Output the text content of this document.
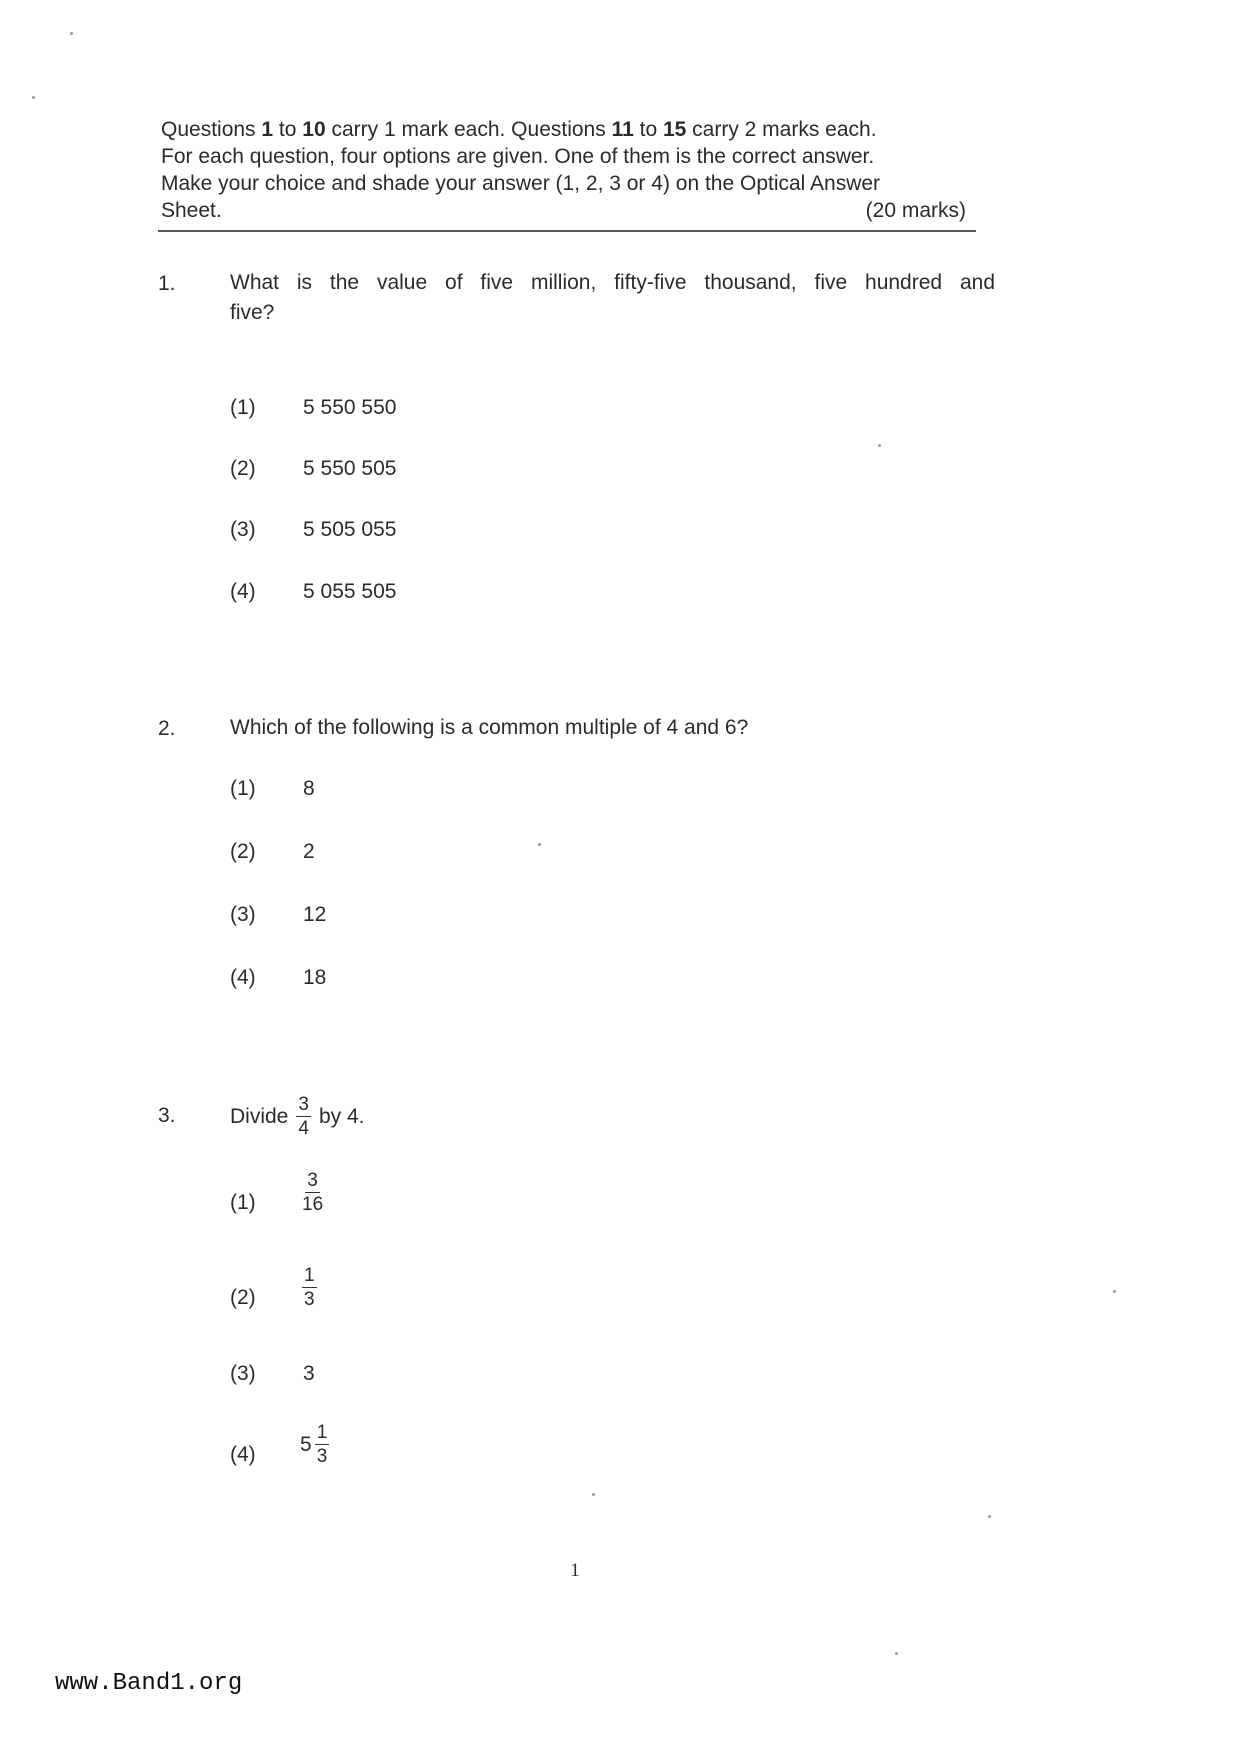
Questions 1 to 10 carry 1 mark each. Questions 11 to 15 carry 2 marks each.
For each question, four options are given. One of them is the correct answer.
Make your choice and shade your answer (1, 2, 3 or 4) on the Optical Answer
Sheet.	(20 marks)
1.	What is the value of five million, fifty-five thousand, five hundred and
five?
(1) 5 550 550
(2) 5 550 505
(3) 5 505 055
(4) 5 055 505
2.	Which of the following is a common multiple of 4 and 6?
(1) 8
(2) 2
(3) 12
(4) 18
3.	Divide $\frac{3}{4}$ by 4.
$(1) \frac{3}{16}$
$(2) \frac{1}{3}$
(3) 3
(4) $5 \frac{1}{3}$
1
www.Band1.org
